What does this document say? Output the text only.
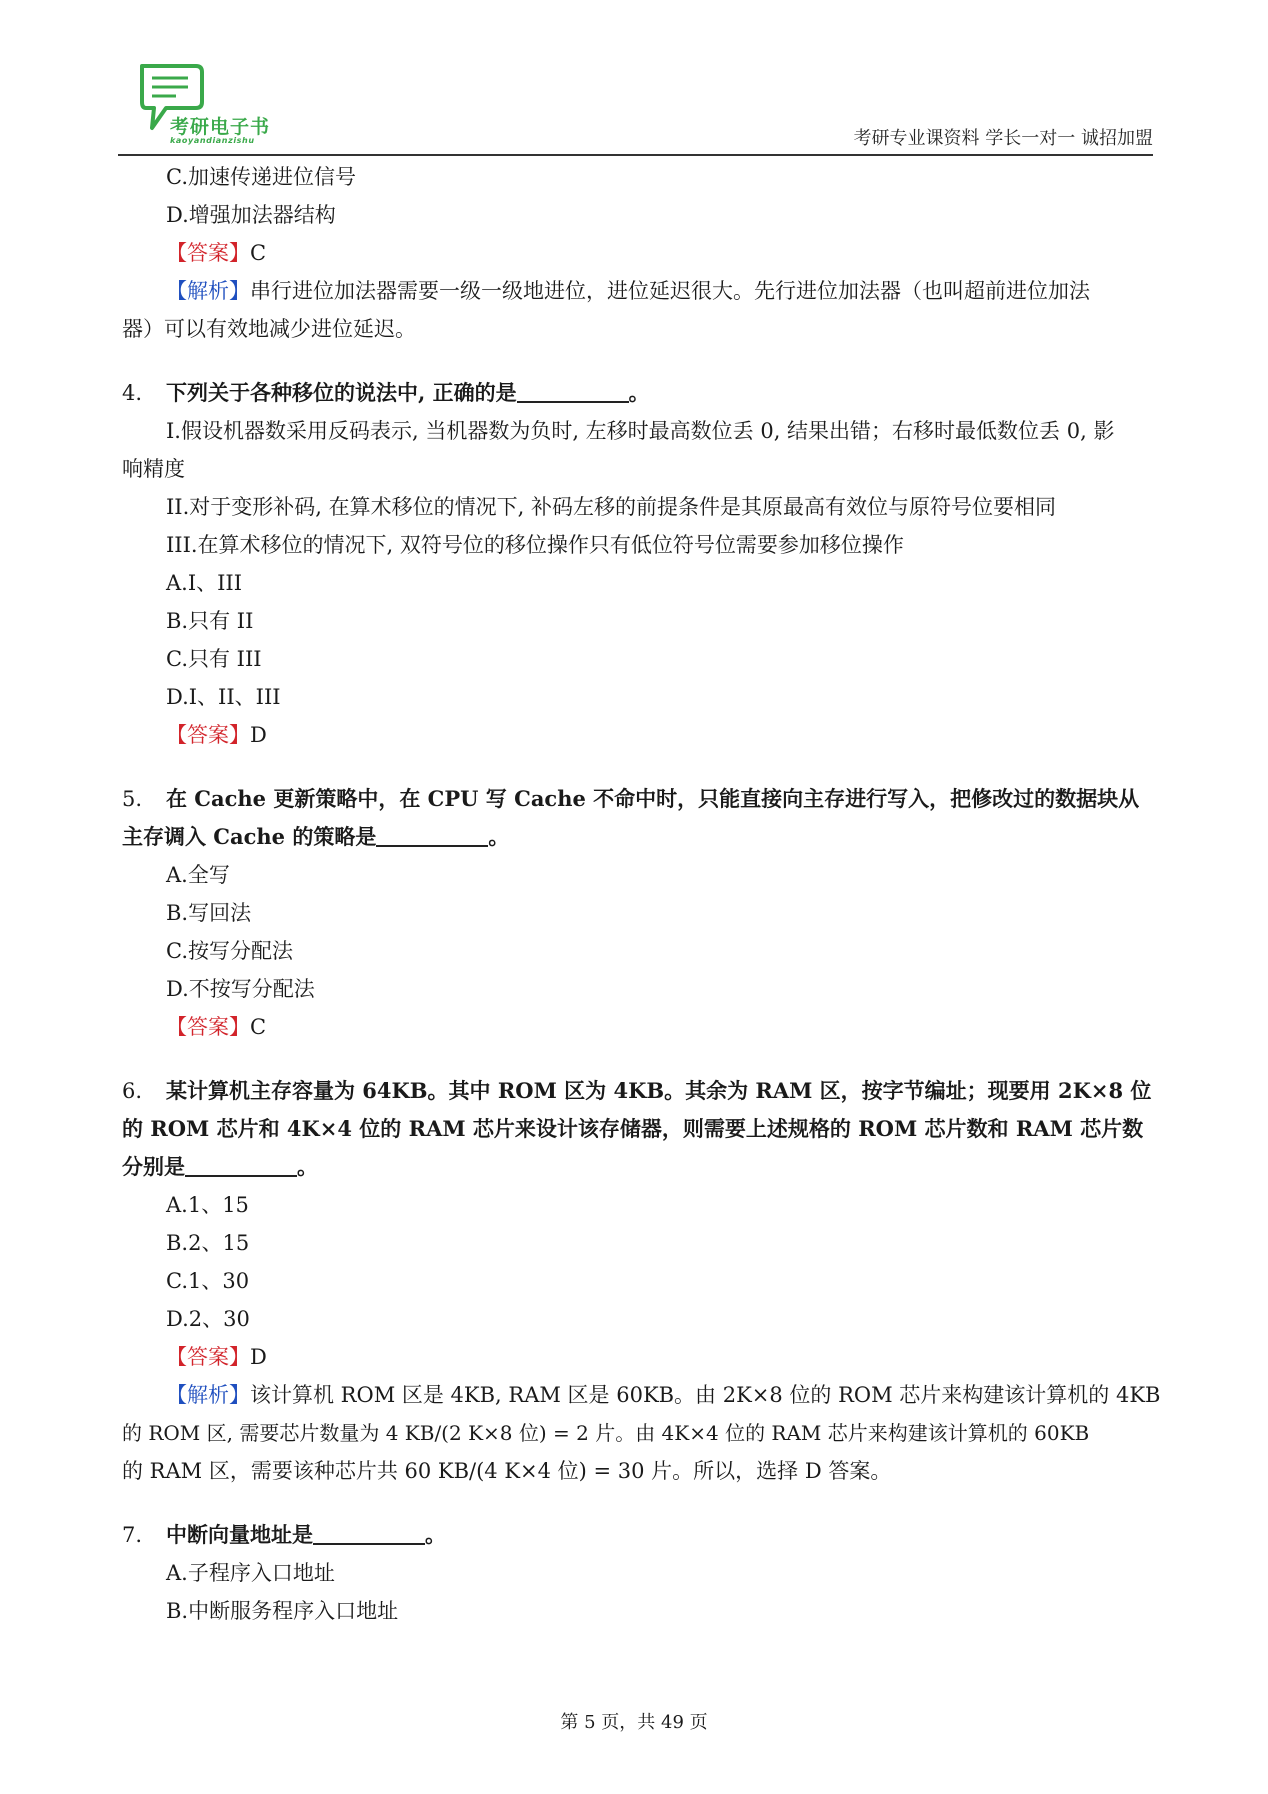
考研电子书
kaoyandianzishu	考研专业课资料 学长一对一 诚招加盟
C.加速传递进位信号
D.增强加法器结构
【答案】C
【解析】串行进位加法器需要一级一级地进位，进位延迟很大。先行进位加法器（也叫超前进位加法
器）可以有效地减少进位延迟。
4. 下列关于各种移位的说法中, 正确的是	。
I.假设机器数采用反码表示, 当机器数为负时, 左移时最高数位丢 0, 结果出错；右移时最低数位丢 0, 影
响精度
II.对于变形补码, 在算术移位的情况下, 补码左移的前提条件是其原最高有效位与原符号位要相同
III.在算术移位的情况下, 双符号位的移位操作只有低位符号位需要参加移位操作
A.I、III
B.只有 II
C.只有 III
D.I、II、III
【答案】D
5. 在 Cache 更新策略中，在 CPU 写 Cache 不命中时，只能直接向主存进行写入，把修改过的数据块从
主存调入 Cache 的策略是	。
A.全写
B.写回法
C.按写分配法
D.不按写分配法
【答案】C
6. 某计算机主存容量为 64KB。其中 ROM 区为 4KB。其余为 RAM 区，按字节编址；现要用 2K×8 位
的 ROM 芯片和 4K×4 位的 RAM 芯片来设计该存储器，则需要上述规格的 ROM 芯片数和 RAM 芯片数
分别是	。
A.1、15
B.2、15
C.1、30
D.2、30
【答案】D
【解析】该计算机 ROM 区是 4KB, RAM 区是 60KB。由 2K×8 位的 ROM 芯片来构建该计算机的 4KB
的 ROM 区, 需要芯片数量为 4 KB/(2 K×8 位) = 2 片。由 4K×4 位的 RAM 芯片来构建该计算机的 60KB
的 RAM 区，需要该种芯片共 60 KB/(4 K×4 位) = 30 片。所以，选择 D 答案。
7. 中断向量地址是	。
A.子程序入口地址
B.中断服务程序入口地址
第 5 页，共 49 页
